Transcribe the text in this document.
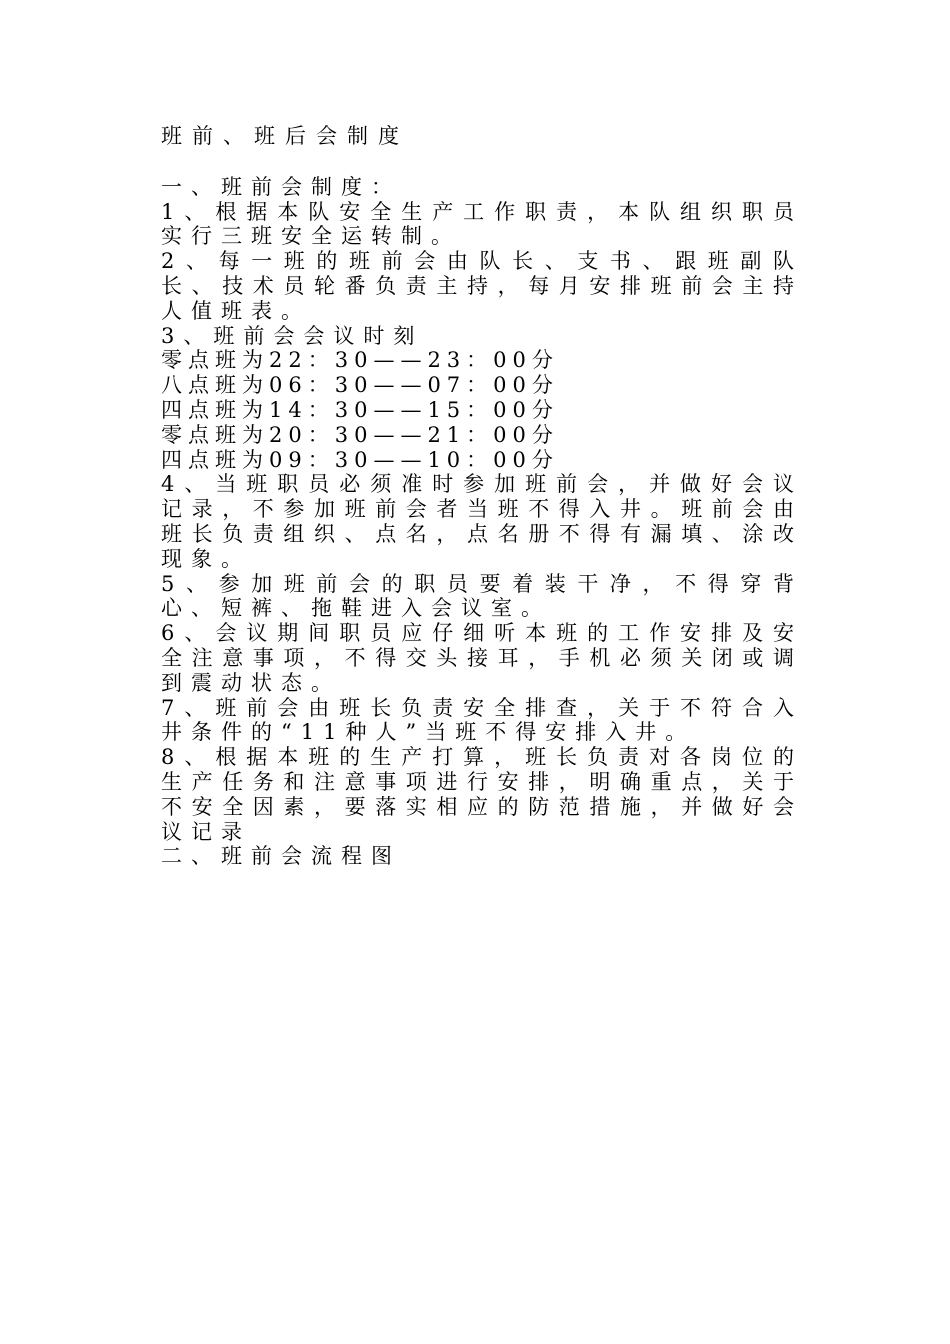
班前、班后会制度

一、班前会制度：

1、根据本队安全生产工作职责，本队组织职员实行三班安全运转制。

2、每一班的班前会由队长、支书、跟班副队长、技术员轮番负责主持，每月安排班前会主持人值班表。

3、班前会会议时刻

零点班为22：30——23：00分

八点班为06：30——07：00分

四点班为14：30——15：00分

零点班为20：30——21：00分

四点班为09：30——10：00分

4、当班职员必须准时参加班前会，并做好会议记录，不参加班前会者当班不得入井。班前会由班长负责组织、点名，点名册不得有漏填、涂改现象。

5、参加班前会的职员要着装干净，不得穿背心、短裤、拖鞋进入会议室。

6、会议期间职员应仔细听本班的工作安排及安全注意事项，不得交头接耳，手机必须关闭或调到震动状态。

7、班前会由班长负责安全排查，关于不符合入井条件的“11种人”当班不得安排入井。

8、根据本班的生产打算，班长负责对各岗位的生产任务和注意事项进行安排，明确重点，关于不安全因素，要落实相应的防范措施，并做好会议记录

二、班前会流程图
